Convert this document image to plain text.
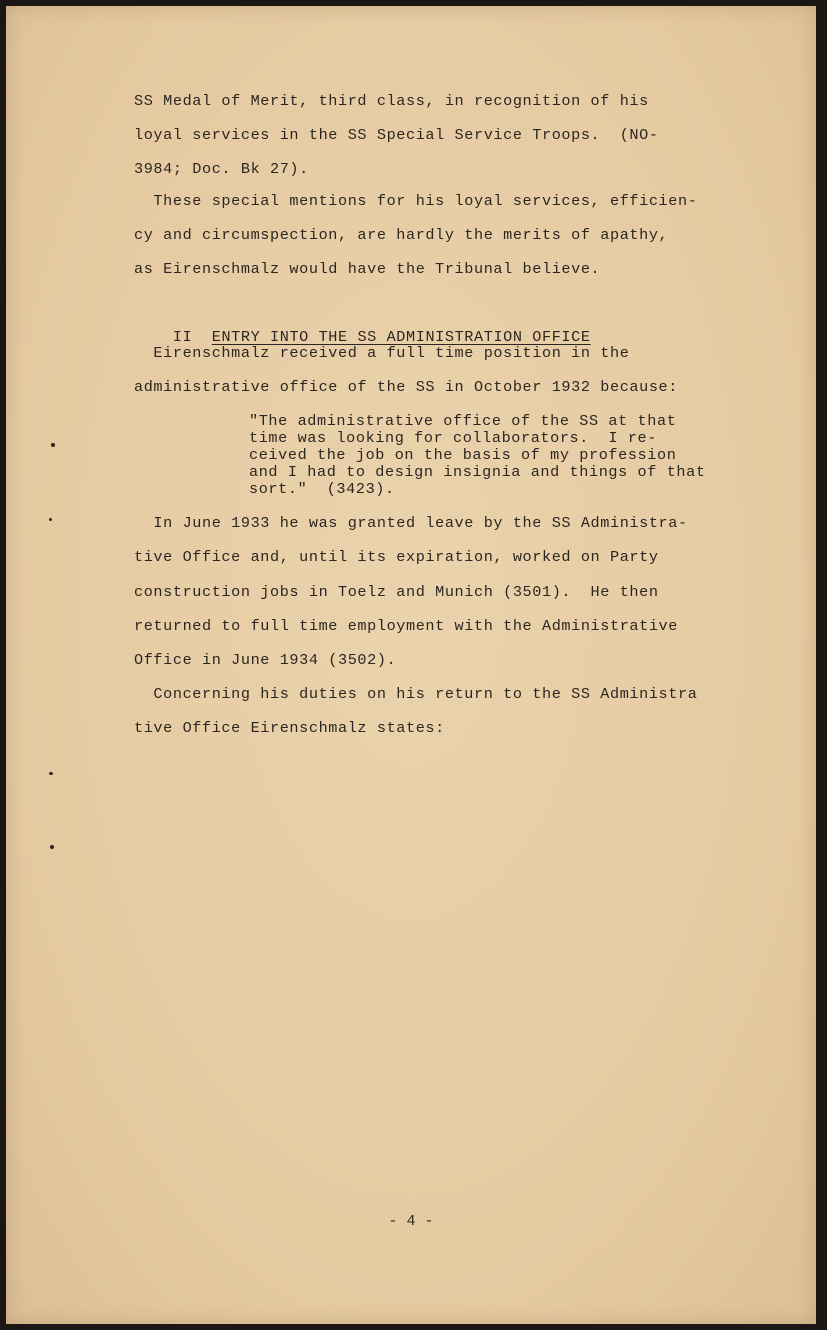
SS Medal of Merit, third class, in recognition of his

loyal services in the SS Special Service Troops.  (NO-

3984; Doc. Bk 27).

These special mentions for his loyal services, efficien-

cy and circumspection, are hardly the merits of apathy,

as Eirenschmalz would have the Tribunal believe.

II ENTRY INTO THE SS ADMINISTRATION OFFICE

Eirenschmalz received a full time position in the

administrative office of the SS in October 1932 because:

"The administrative office of the SS at that

time was looking for collaborators.  I re-

ceived the job on the basis of my profession

and I had to design insignia and things of that

sort."  (3423).

In June 1933 he was granted leave by the SS Administra-

tive Office and, until its expiration, worked on Party

construction jobs in Toelz and Munich (3501).  He then

returned to full time employment with the Administrative

Office in June 1934 (3502).

Concerning his duties on his return to the SS Administra

tive Office Eirenschmalz states:

- 4 -
